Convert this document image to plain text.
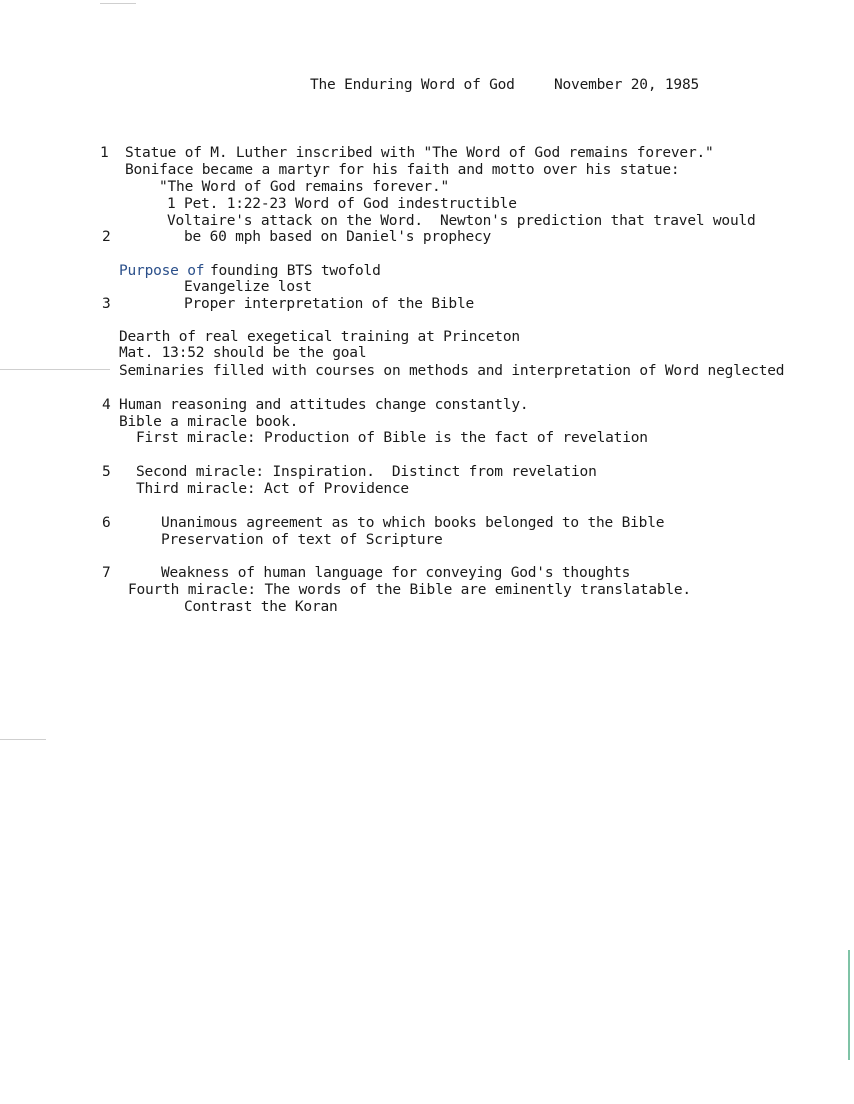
The Enduring Word of God	November 20, 1985
1
2
3
4
5
6
7
Statue of M. Luther inscribed with "The Word of God remains forever."
Boniface became a martyr for his faith and motto over his statue:
"The Word of God remains forever."
1 Pet. 1:22-23 Word of God indestructible
Voltaire's attack on the Word.  Newton's prediction that travel would
be 60 mph based on Daniel's prophecy
Purpose of founding BTS twofold
Evangelize lost
Proper interpretation of the Bible
Dearth of real exegetical training at Princeton
Mat. 13:52 should be the goal
Seminaries filled with courses on methods and interpretation of Word neglected
Human reasoning and attitudes change constantly.
Bible a miracle book.
First miracle: Production of Bible is the fact of revelation
Second miracle: Inspiration.  Distinct from revelation
Third miracle: Act of Providence
Unanimous agreement as to which books belonged to the Bible
Preservation of text of Scripture
Weakness of human language for conveying God's thoughts
Fourth miracle: The words of the Bible are eminently translatable.
Contrast the Koran
